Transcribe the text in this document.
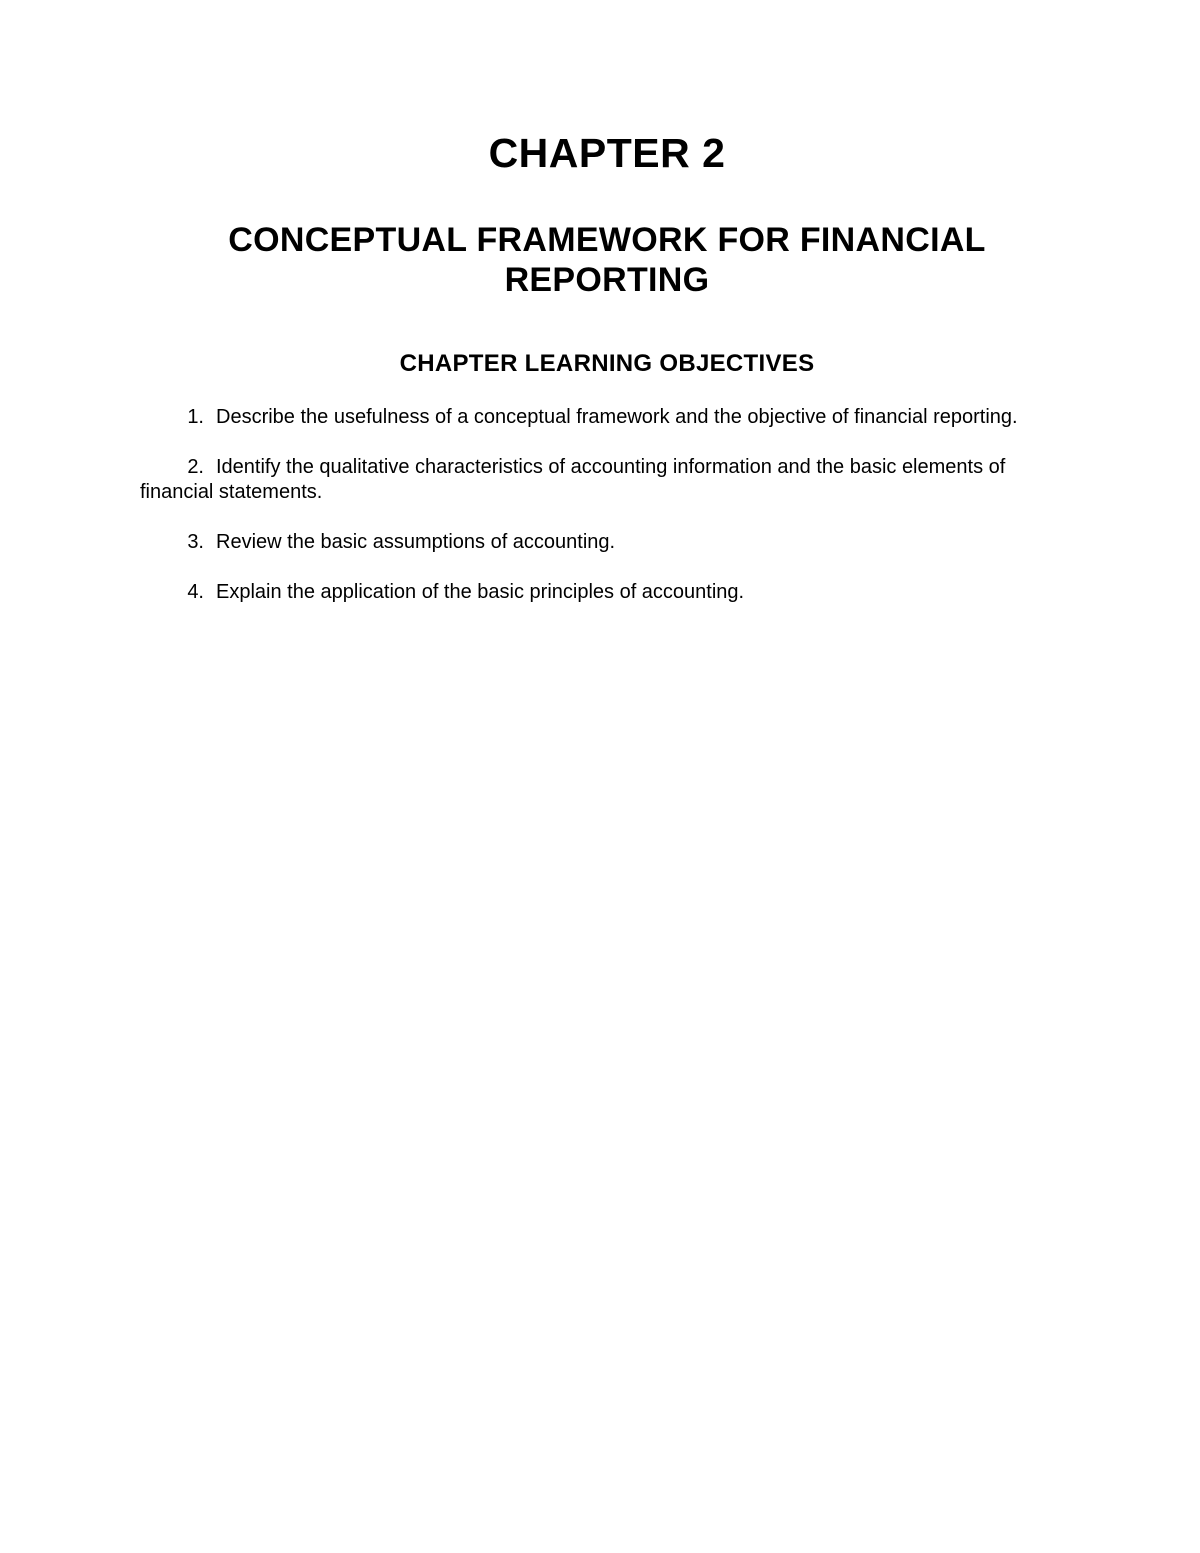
CHAPTER 2
CONCEPTUAL FRAMEWORK FOR FINANCIAL REPORTING
CHAPTER LEARNING OBJECTIVES
1. Describe the usefulness of a conceptual framework and the objective of financial reporting.
2. Identify the qualitative characteristics of accounting information and the basic elements of financial statements.
3. Review the basic assumptions of accounting.
4. Explain the application of the basic principles of accounting.
